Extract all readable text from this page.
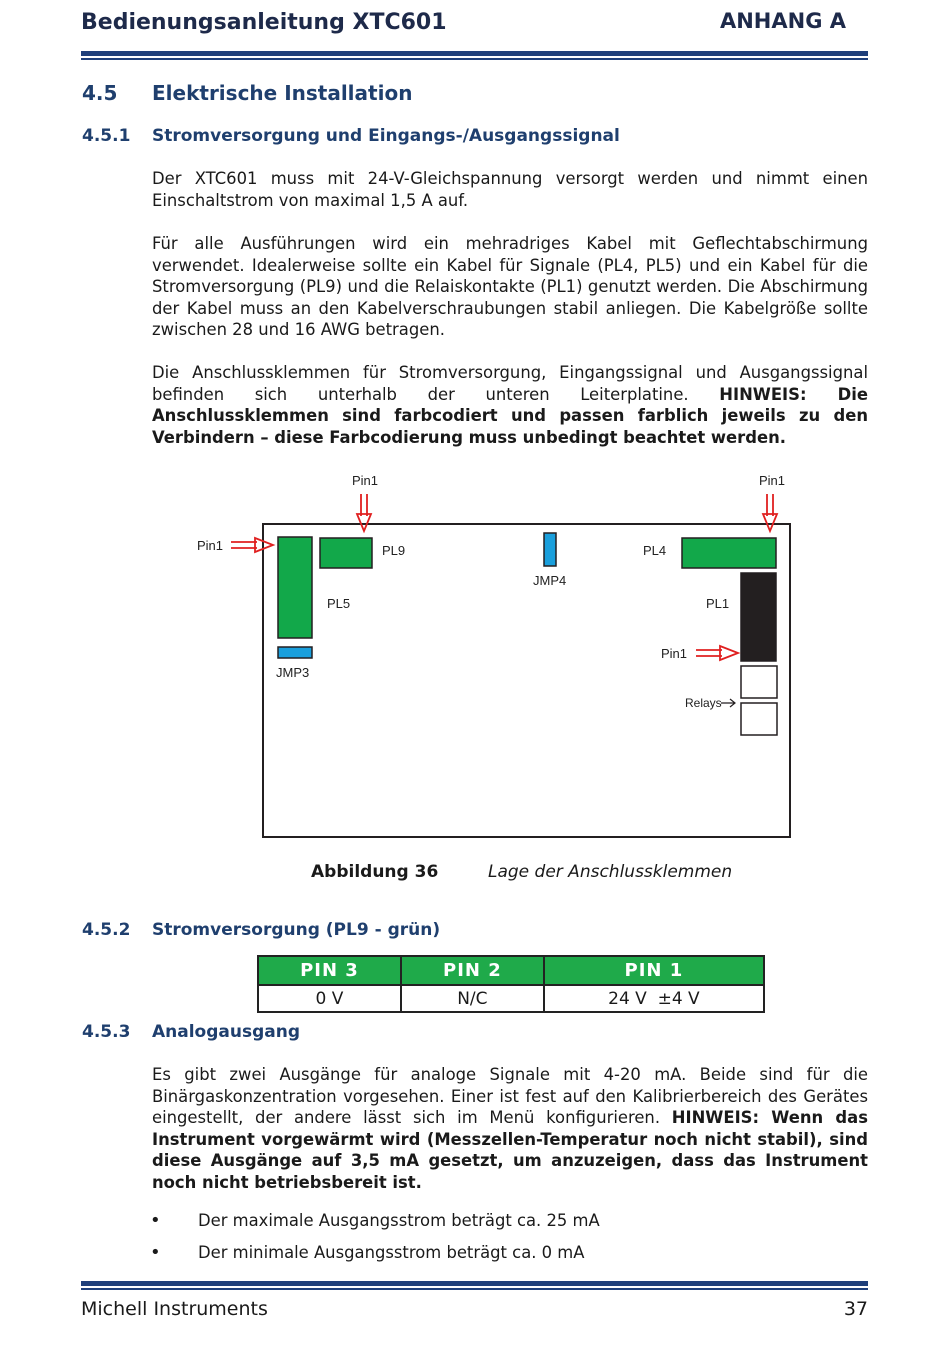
Bedienungsanleitung XTC601	ANHANG A
4.5 Elektrische Installation
4.5.1 Stromversorgung und Eingangs-/Ausgangssignal
Der XTC601 muss mit 24-V-Gleichspannung versorgt werden und nimmt einen Einschaltstrom von maximal 1,5 A auf.
Für alle Ausführungen wird ein mehradriges Kabel mit Geflechtabschirmung verwendet. Idealerweise sollte ein Kabel für Signale (PL4, PL5) und ein Kabel für die Stromversorgung (PL9) und die Relaiskontakte (PL1) genutzt werden. Die Abschirmung der Kabel muss an den Kabelverschraubungen stabil anliegen. Die Kabelgröße sollte zwischen 28 und 16 AWG betragen.
Die Anschlussklemmen für Stromversorgung, Eingangssignal und Ausgangssignal befinden sich unterhalb der unteren Leiterplatine. HINWEIS: Die Anschlussklemmen sind farbcodiert und passen farblich jeweils zu den Verbindern – diese Farbcodierung muss unbedingt beachtet werden.
Pin1	Pin1
Pin1
Pin1
PL9
PL5
PL4
PL1
JMP4
JMP3
Relays
Abbildung 36	Lage der Anschlussklemmen
4.5.2 Stromversorgung (PL9 - grün)
PIN 3	PIN 2	PIN 1
0 V	N/C	24 V  ±4 V
4.5.3 Analogausgang
Es gibt zwei Ausgänge für analoge Signale mit 4-20 mA. Beide sind für die Binärgaskonzentration vorgesehen. Einer ist fest auf den Kalibrierbereich des Gerätes eingestellt, der andere lässt sich im Menü konfigurieren. HINWEIS: Wenn das Instrument vorgewärmt wird (Messzellen-Temperatur noch nicht stabil), sind diese Ausgänge auf 3,5 mA gesetzt, um anzuzeigen, dass das Instrument noch nicht betriebsbereit ist.
• Der maximale Ausgangsstrom beträgt ca. 25 mA
• Der minimale Ausgangsstrom beträgt ca. 0 mA
Michell Instruments	37
